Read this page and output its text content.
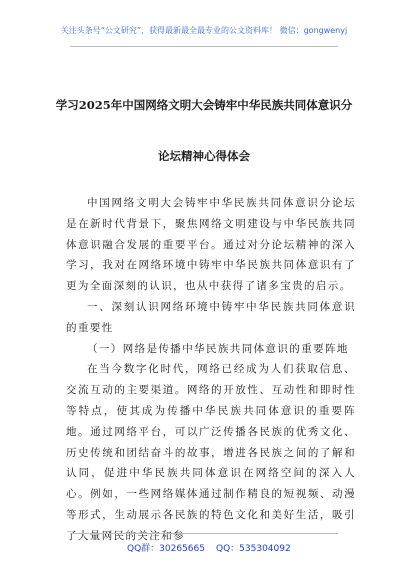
关注头条号“公文研究”，获得最新最全最专业的公文资料库！ 微信：gongwenyj
学习2025年中国网络文明大会铸牢中华民族共同体意识分
论坛精神心得体会

中国网络文明大会铸牢中华民族共同体意识分论坛是在新时代背景下，聚焦网络文明建设与中华民族共同体意识融合发展的重要平台。通过对分论坛精神的深入学习，我对在网络环境中铸牢中华民族共同体意识有了更为全面深刻的认识，也从中获得了诸多宝贵的启示。

一、深刻认识网络环境中铸牢中华民族共同体意识的重要性

（一）网络是传播中华民族共同体意识的重要阵地

在当今数字化时代，网络已经成为人们获取信息、交流互动的主要渠道。网络的开放性、互动性和即时性等特点，使其成为传播中华民族共同体意识的重要阵地。通过网络平台，可以广泛传播各民族的优秀文化、历史传统和团结奋斗的故事，增进各民族之间的了解和认同，促进中华民族共同体意识在网络空间的深入人心。例如，一些网络媒体通过制作精良的短视频、动漫等形式，生动展示各民族的特色文化和美好生活，吸引了大量网民的关注和参

QQ群：30265665 QQ：535304092
